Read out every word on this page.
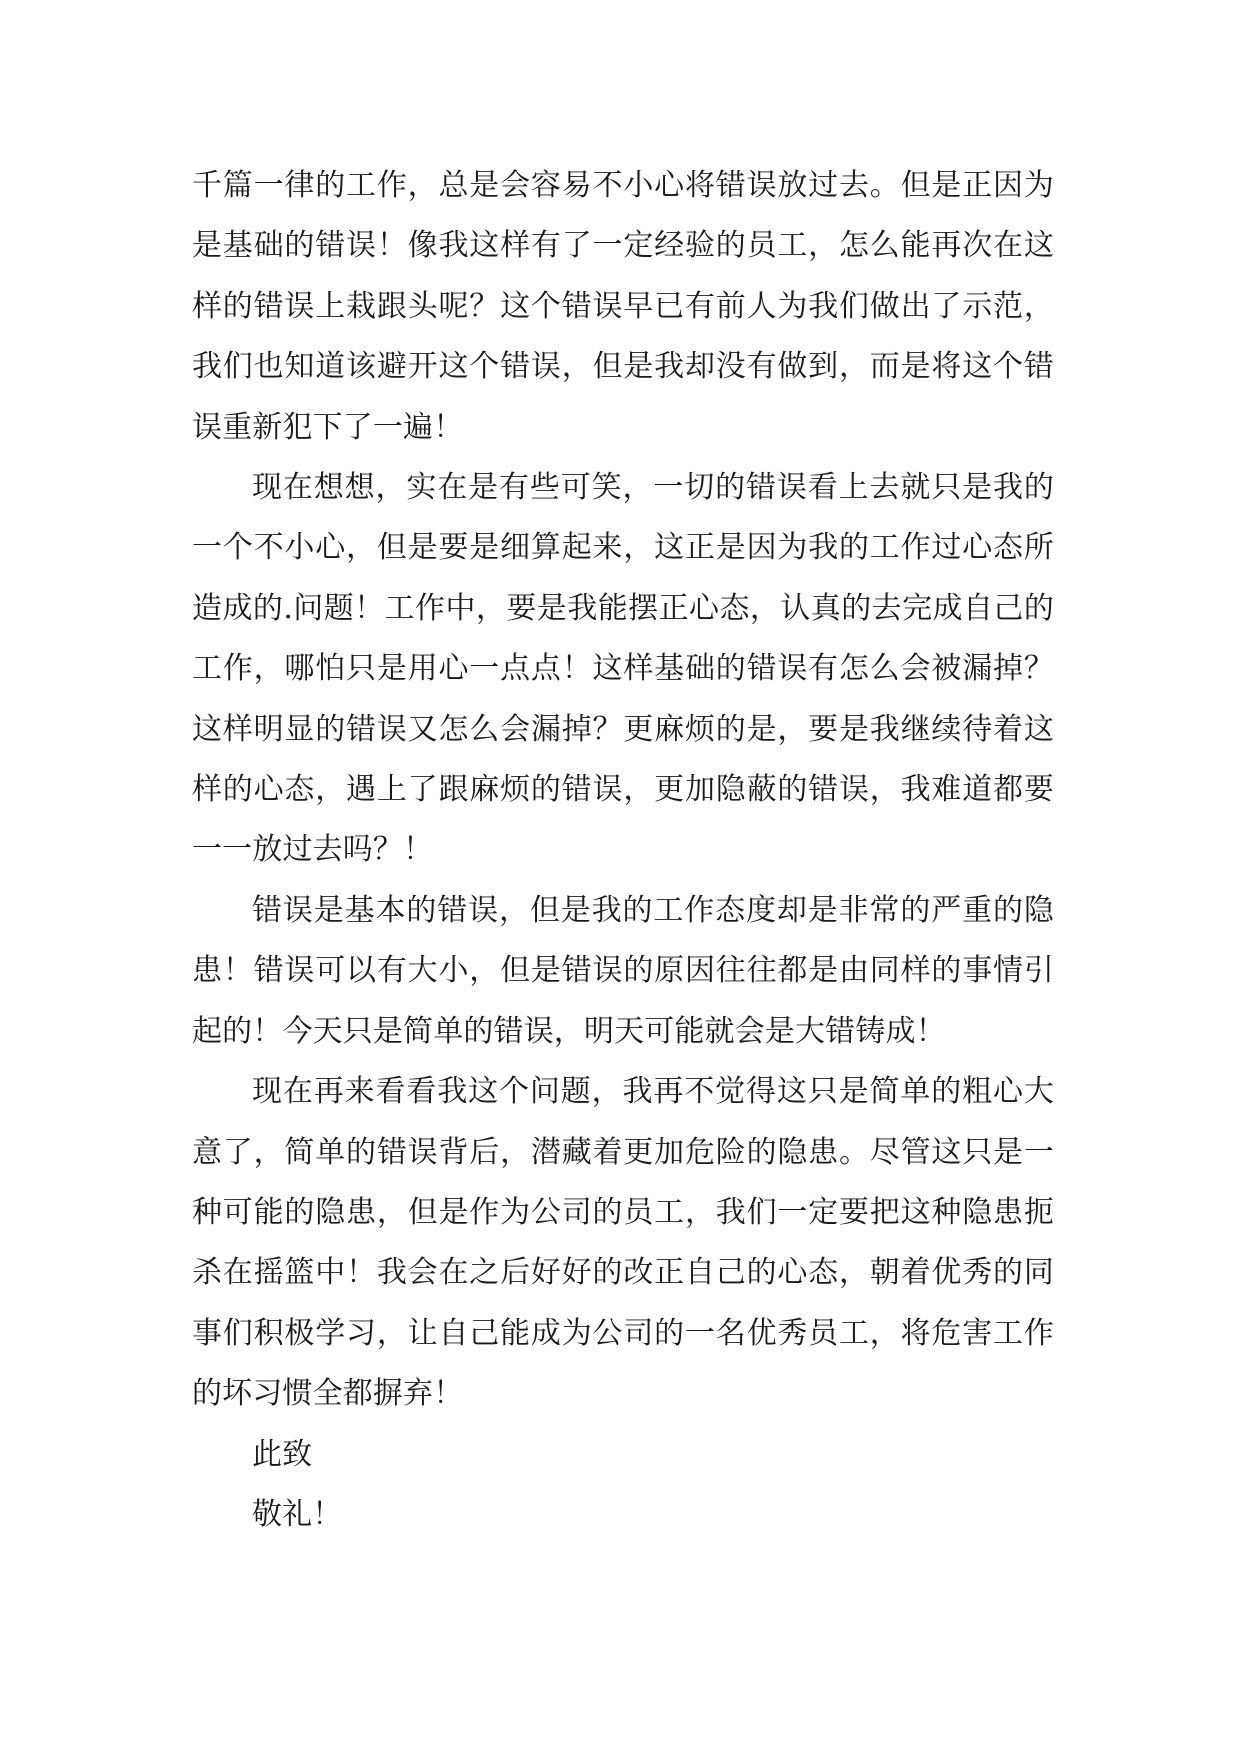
千篇一律的工作，总是会容易不小心将错误放过去。但是正因为是基础的错误！像我这样有了一定经验的员工，怎么能再次在这样的错误上栽跟头呢？这个错误早已有前人为我们做出了示范，我们也知道该避开这个错误，但是我却没有做到，而是将这个错误重新犯下了一遍！

现在想想，实在是有些可笑，一切的错误看上去就只是我的一个不小心，但是要是细算起来，这正是因为我的工作过心态所造成的.问题！工作中，要是我能摆正心态，认真的去完成自己的工作，哪怕只是用心一点点！这样基础的错误有怎么会被漏掉？这样明显的错误又怎么会漏掉？更麻烦的是，要是我继续待着这样的心态，遇上了跟麻烦的错误，更加隐蔽的错误，我难道都要一一放过去吗？！

错误是基本的错误，但是我的工作态度却是非常的严重的隐患！错误可以有大小，但是错误的原因往往都是由同样的事情引起的！今天只是简单的错误，明天可能就会是大错铸成！

现在再来看看我这个问题，我再不觉得这只是简单的粗心大意了，简单的错误背后，潜藏着更加危险的隐患。尽管这只是一种可能的隐患，但是作为公司的员工，我们一定要把这种隐患扼杀在摇篮中！我会在之后好好的改正自己的心态，朝着优秀的同事们积极学习，让自己能成为公司的一名优秀员工，将危害工作的坏习惯全都摒弃！

此致

敬礼！
